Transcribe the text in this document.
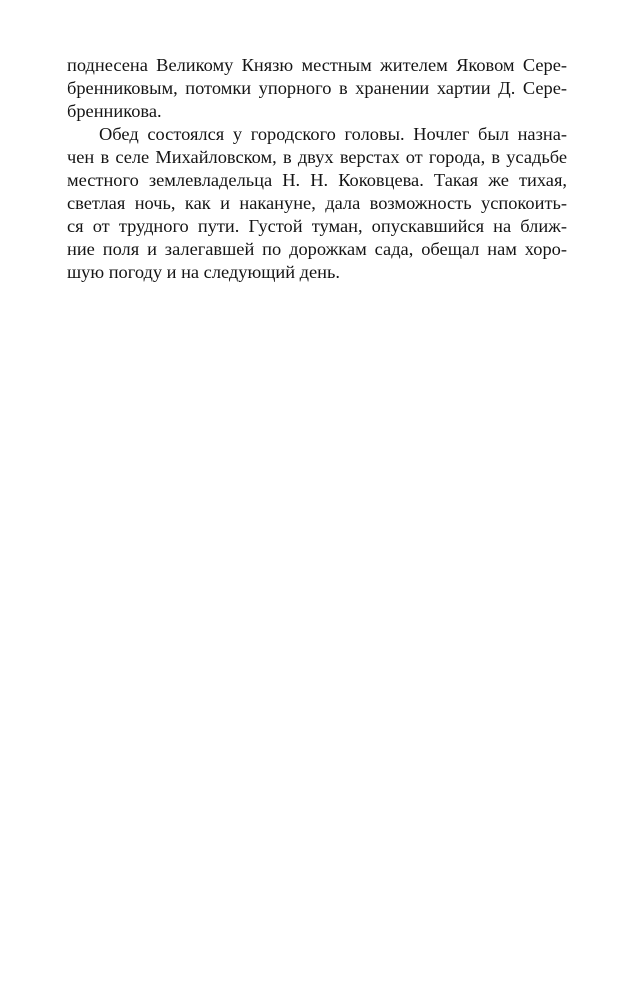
поднесена Великому Князю местным жителем Яковом Сере-
бренниковым, потомки упорного в хранении хартии Д. Сере-
бренникова.
Обед состоялся у городского головы. Ночлег был назна-
чен в селе Михайловском, в двух верстах от города, в усадьбе
местного землевладельца Н. Н. Коковцева. Такая же тихая,
светлая ночь, как и накануне, дала возможность успокоить-
ся от трудного пути. Густой туман, опускавшийся на ближ-
ние поля и залегавшей по дорожкам сада, обещал нам хоро-
шую погоду и на следующий день.
